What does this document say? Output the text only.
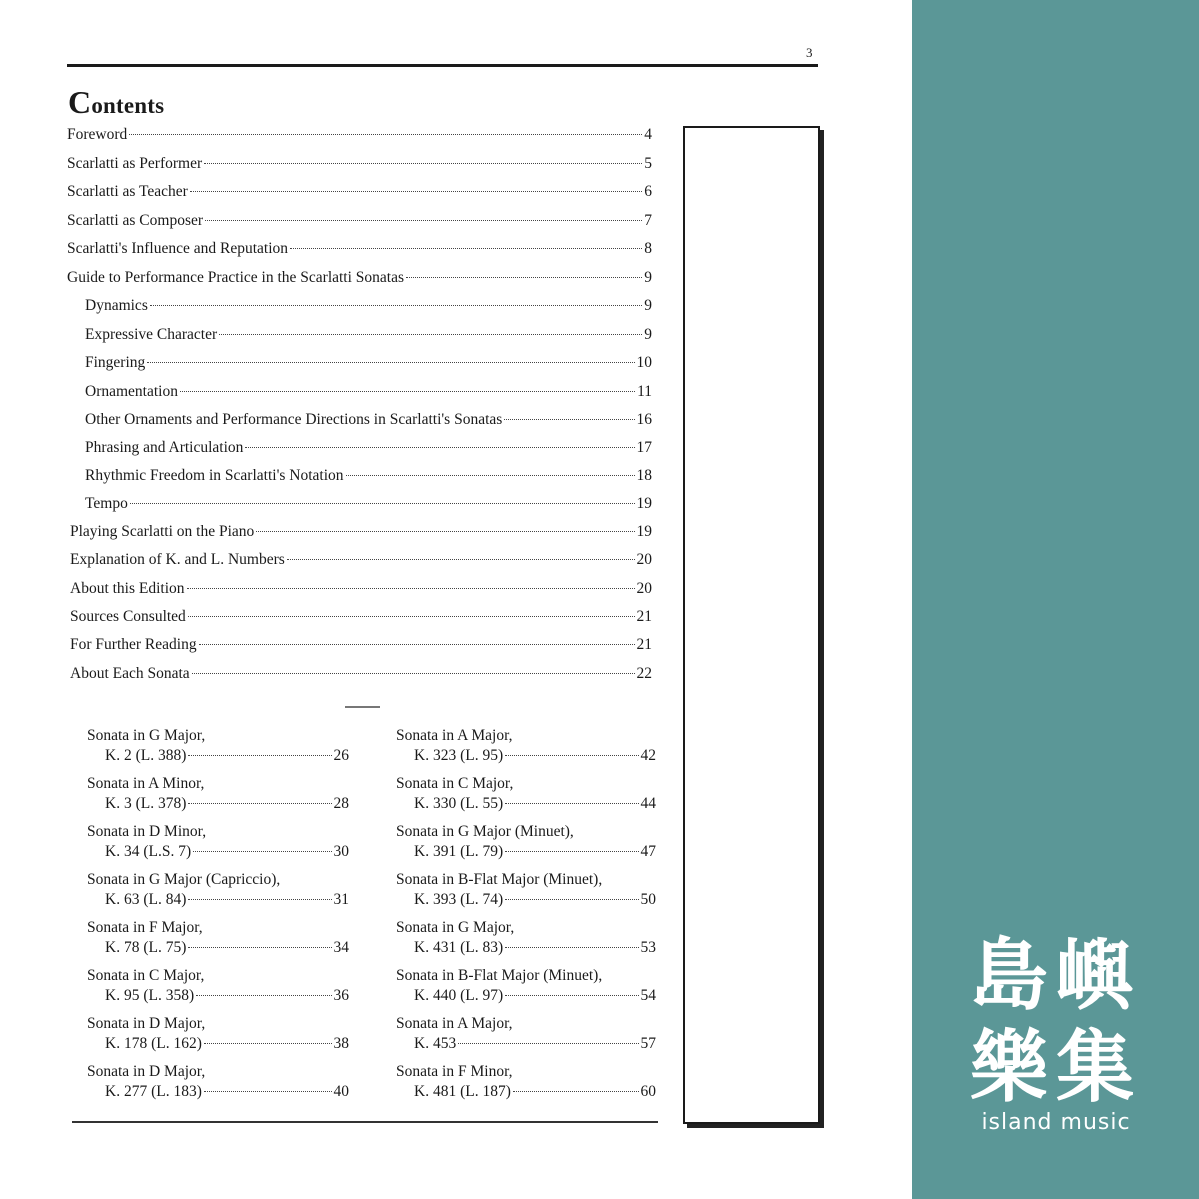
3
Contents
Foreword	4
Scarlatti as Performer	5
Scarlatti as Teacher	6
Scarlatti as Composer	7
Scarlatti's Influence and Reputation	8
Guide to Performance Practice in the Scarlatti Sonatas	9
Dynamics	9
Expressive Character	9
Fingering	10
Ornamentation	11
Other Ornaments and Performance Directions in Scarlatti's Sonatas	16
Phrasing and Articulation	17
Rhythmic Freedom in Scarlatti's Notation	18
Tempo	19
Playing Scarlatti on the Piano	19
Explanation of K. and L. Numbers	20
About this Edition	20
Sources Consulted	21
For Further Reading	21
About Each Sonata	22
Sonata in G Major,
K. 2 (L. 388)	26
Sonata in A Minor,
K. 3 (L. 378)	28
Sonata in D Minor,
K. 34 (L.S. 7)	30
Sonata in G Major (Capriccio),
K. 63 (L. 84)	31
Sonata in F Major,
K. 78 (L. 75)	34
Sonata in C Major,
K. 95 (L. 358)	36
Sonata in D Major,
K. 178 (L. 162)	38
Sonata in D Major,
K. 277 (L. 183)	40
Sonata in A Major,
K. 323 (L. 95)	42
Sonata in C Major,
K. 330 (L. 55)	44
Sonata in G Major (Minuet),
K. 391 (L. 79)	47
Sonata in B-Flat Major (Minuet),
K. 393 (L. 74)	50
Sonata in G Major,
K. 431 (L. 83)	53
Sonata in B-Flat Major (Minuet),
K. 440 (L. 97)	54
Sonata in A Major,
K. 453	57
Sonata in F Minor,
K. 481 (L. 187)	60
島嶼
樂集
island music
